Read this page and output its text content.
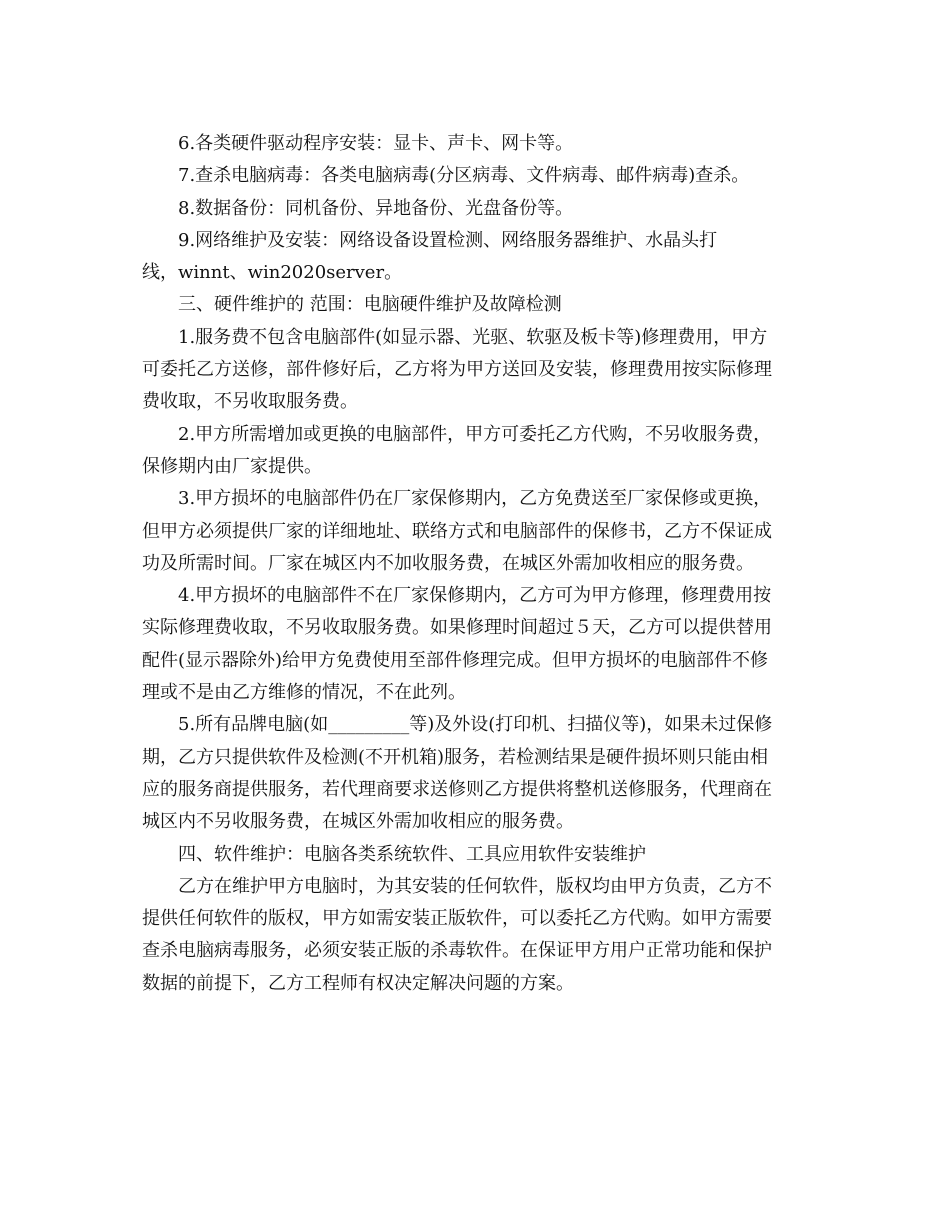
6.各类硬件驱动程序安装：显卡、声卡、网卡等。
7.查杀电脑病毒：各类电脑病毒(分区病毒、文件病毒、邮件病毒)查杀。
8.数据备份：同机备份、异地备份、光盘备份等。
9.网络维护及安装：网络设备设置检测、网络服务器维护、水晶头打
线，winnt、win2020server。
三、硬件维护的 范围：电脑硬件维护及故障检测
1.服务费不包含电脑部件(如显示器、光驱、软驱及板卡等)修理费用，甲方
可委托乙方送修，部件修好后，乙方将为甲方送回及安装，修理费用按实际修理
费收取，不另收取服务费。
2.甲方所需增加或更换的电脑部件，甲方可委托乙方代购，不另收服务费，
保修期内由厂家提供。
3.甲方损坏的电脑部件仍在厂家保修期内，乙方免费送至厂家保修或更换，
但甲方必须提供厂家的详细地址、联络方式和电脑部件的保修书，乙方不保证成
功及所需时间。厂家在城区内不加收服务费，在城区外需加收相应的服务费。
4.甲方损坏的电脑部件不在厂家保修期内，乙方可为甲方修理，修理费用按
实际修理费收取，不另收取服务费。如果修理时间超过５天，乙方可以提供替用
配件(显示器除外)给甲方免费使用至部件修理完成。但甲方损坏的电脑部件不修
理或不是由乙方维修的情况，不在此列。
5.所有品牌电脑(如_________等)及外设(打印机、扫描仪等)，如果未过保修
期，乙方只提供软件及检测(不开机箱)服务，若检测结果是硬件损坏则只能由相
应的服务商提供服务，若代理商要求送修则乙方提供将整机送修服务，代理商在
城区内不另收服务费，在城区外需加收相应的服务费。
四、软件维护：电脑各类系统软件、工具应用软件安装维护
乙方在维护甲方电脑时，为其安装的任何软件，版权均由甲方负责，乙方不
提供任何软件的版权，甲方如需安装正版软件，可以委托乙方代购。如甲方需要
查杀电脑病毒服务，必须安装正版的杀毒软件。在保证甲方用户正常功能和保护
数据的前提下，乙方工程师有权决定解决问题的方案。
